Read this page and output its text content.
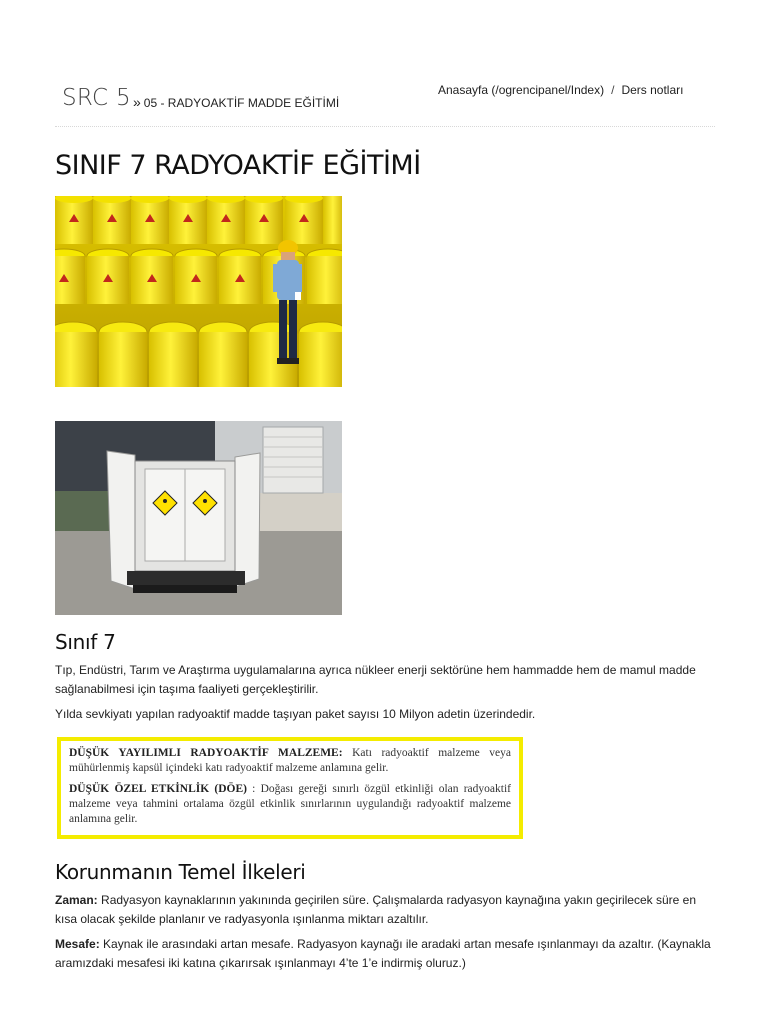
SRC 5 » 05 - RADYOAKTİF MADDE EĞİTİMİ
Anasayfa (/ogrencipanel/Index) / Ders notları
SINIF 7 RADYOAKTİF EĞİTİMİ
Sınıf 7

Tıp, Endüstri, Tarım ve Araştırma uygulamalarına ayrıca nükleer enerji sektörüne hem hammadde hem de mamul madde sağlanabilmesi için taşıma faaliyeti gerçekleştirilir.

Yılda sevkiyatı yapılan radyoaktif madde taşıyan paket sayısı 10 Milyon adetin üzerindedir.

DÜŞÜK YAYILIMLI RADYOAKTİF MALZEME: Katı radyoaktif malzeme veya mühürlenmiş kapsül içindeki katı radyoaktif malzeme anlamına gelir.

DÜŞÜK ÖZEL ETKİNLİK (DÖE) : Doğası gereği sınırlı özgül etkinliği olan radyoaktif malzeme veya tahmini ortalama özgül etkinlik sınırlarının uygulandığı radyoaktif malzeme anlamına gelir.

Korunmanın Temel İlkeleri

Zaman: Radyasyon kaynaklarının yakınında geçirilen süre. Çalışmalarda radyasyon kaynağına yakın geçirilecek süre en kısa olacak şekilde planlanır ve radyasyonla ışınlanma miktarı azaltılır.

Mesafe: Kaynak ile arasındaki artan mesafe. Radyasyon kaynağı ile aradaki artan mesafe ışınlanmayı da azaltır. (Kaynakla aramızdaki mesafesi iki katına çıkarırsak ışınlanmayı 4’te 1’e indirmiş oluruz.)
